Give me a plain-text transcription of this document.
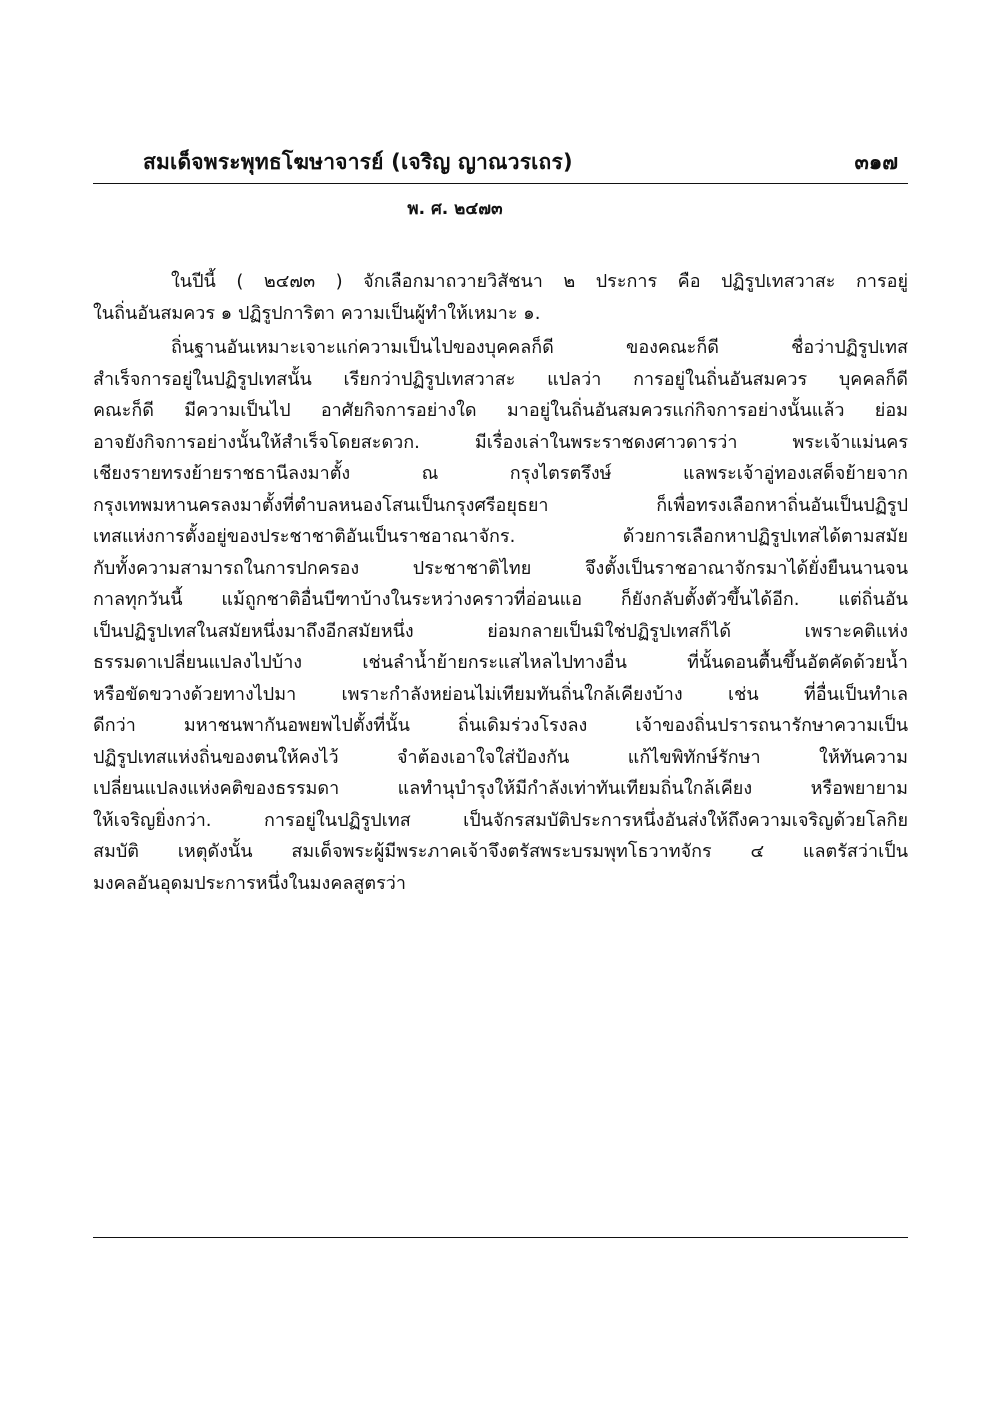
สมเด็จพระพุทธโฆษาจารย์ (เจริญ ญาณวรเถร)	๓๑๗
พ. ศ. ๒๔๗๓
ในปีนี้ ( ๒๔๗๓ ) จักเลือกมาถวายวิสัชนา ๒ ประการ คือ ปฏิรูปเทสวาสะ การอยู่
ในถิ่นอันสมควร ๑ ปฏิรูปการิตา ความเป็นผู้ทำให้เหมาะ ๑.
ถิ่นฐานอันเหมาะเจาะแก่ความเป็นไปของบุคคลก็ดี ของคณะก็ดี ชื่อว่าปฏิรูปเทส
สำเร็จการอยู่ในปฏิรูปเทสนั้น เรียกว่าปฏิรูปเทสวาสะ แปลว่า การอยู่ในถิ่นอันสมควร บุคคลก็ดี
คณะก็ดี มีความเป็นไป อาศัยกิจการอย่างใด มาอยู่ในถิ่นอันสมควรแก่กิจการอย่างนั้นแล้ว ย่อม
อาจยังกิจการอย่างนั้นให้สำเร็จโดยสะดวก. มีเรื่องเล่าในพระราชดงศาวดารว่า พระเจ้าแม่นคร
เชียงรายทรงย้ายราชธานีลงมาตั้ง ณ กรุงไตรตรึงษ์ แลพระเจ้าอู่ทองเสด็จย้ายจาก
กรุงเทพมหานครลงมาตั้งที่ตำบลหนองโสนเป็นกรุงศรีอยุธยา ก็เพื่อทรงเลือกหาถิ่นอันเป็นปฏิรูป
เทสแห่งการตั้งอยู่ของประชาชาติอันเป็นราชอาณาจักร. ด้วยการเลือกหาปฏิรูปเทสได้ตามสมัย
กับทั้งความสามารถในการปกครอง ประชาชาติไทย จึงตั้งเป็นราชอาณาจักรมาได้ยั่งยืนนานจน
กาลทุกวันนี้ แม้ถูกชาติอื่นบีฑาบ้างในระหว่างคราวที่อ่อนแอ ก็ยังกลับตั้งตัวขึ้นได้อีก. แต่ถิ่นอัน
เป็นปฏิรูปเทสในสมัยหนึ่งมาถึงอีกสมัยหนึ่ง ย่อมกลายเป็นมิใช่ปฏิรูปเทสก็ได้ เพราะคติแห่ง
ธรรมดาเปลี่ยนแปลงไปบ้าง เช่นลำน้ำย้ายกระแสไหลไปทางอื่น ที่นั้นดอนตื้นขึ้นอัตคัดด้วยน้ำ
หรือขัดขวางด้วยทางไปมา เพราะกำลังหย่อนไม่เทียมทันถิ่นใกล้เคียงบ้าง เช่น ที่อื่นเป็นทำเล
ดีกว่า มหาชนพากันอพยพไปตั้งที่นั้น ถิ่นเดิมร่วงโรงลง เจ้าของถิ่นปรารถนารักษาความเป็น
ปฏิรูปเทสแห่งถิ่นของตนให้คงไว้ จำต้องเอาใจใส่ป้องกัน แก้ไขพิทักษ์รักษา ให้ทันความ
เปลี่ยนแปลงแห่งคติของธรรมดา แลทำนุบำรุงให้มีกำลังเท่าทันเทียมถิ่นใกล้เคียง หรือพยายาม
ให้เจริญยิ่งกว่า. การอยู่ในปฏิรูปเทส เป็นจักรสมบัติประการหนึ่งอันส่งให้ถึงความเจริญด้วยโลกิย
สมบัติ เหตุดังนั้น สมเด็จพระผู้มีพระภาคเจ้าจึงตรัสพระบรมพุทโธวาทจักร ๔ แลตรัสว่าเป็น
มงคลอันอุดมประการหนึ่งในมงคลสูตรว่า
